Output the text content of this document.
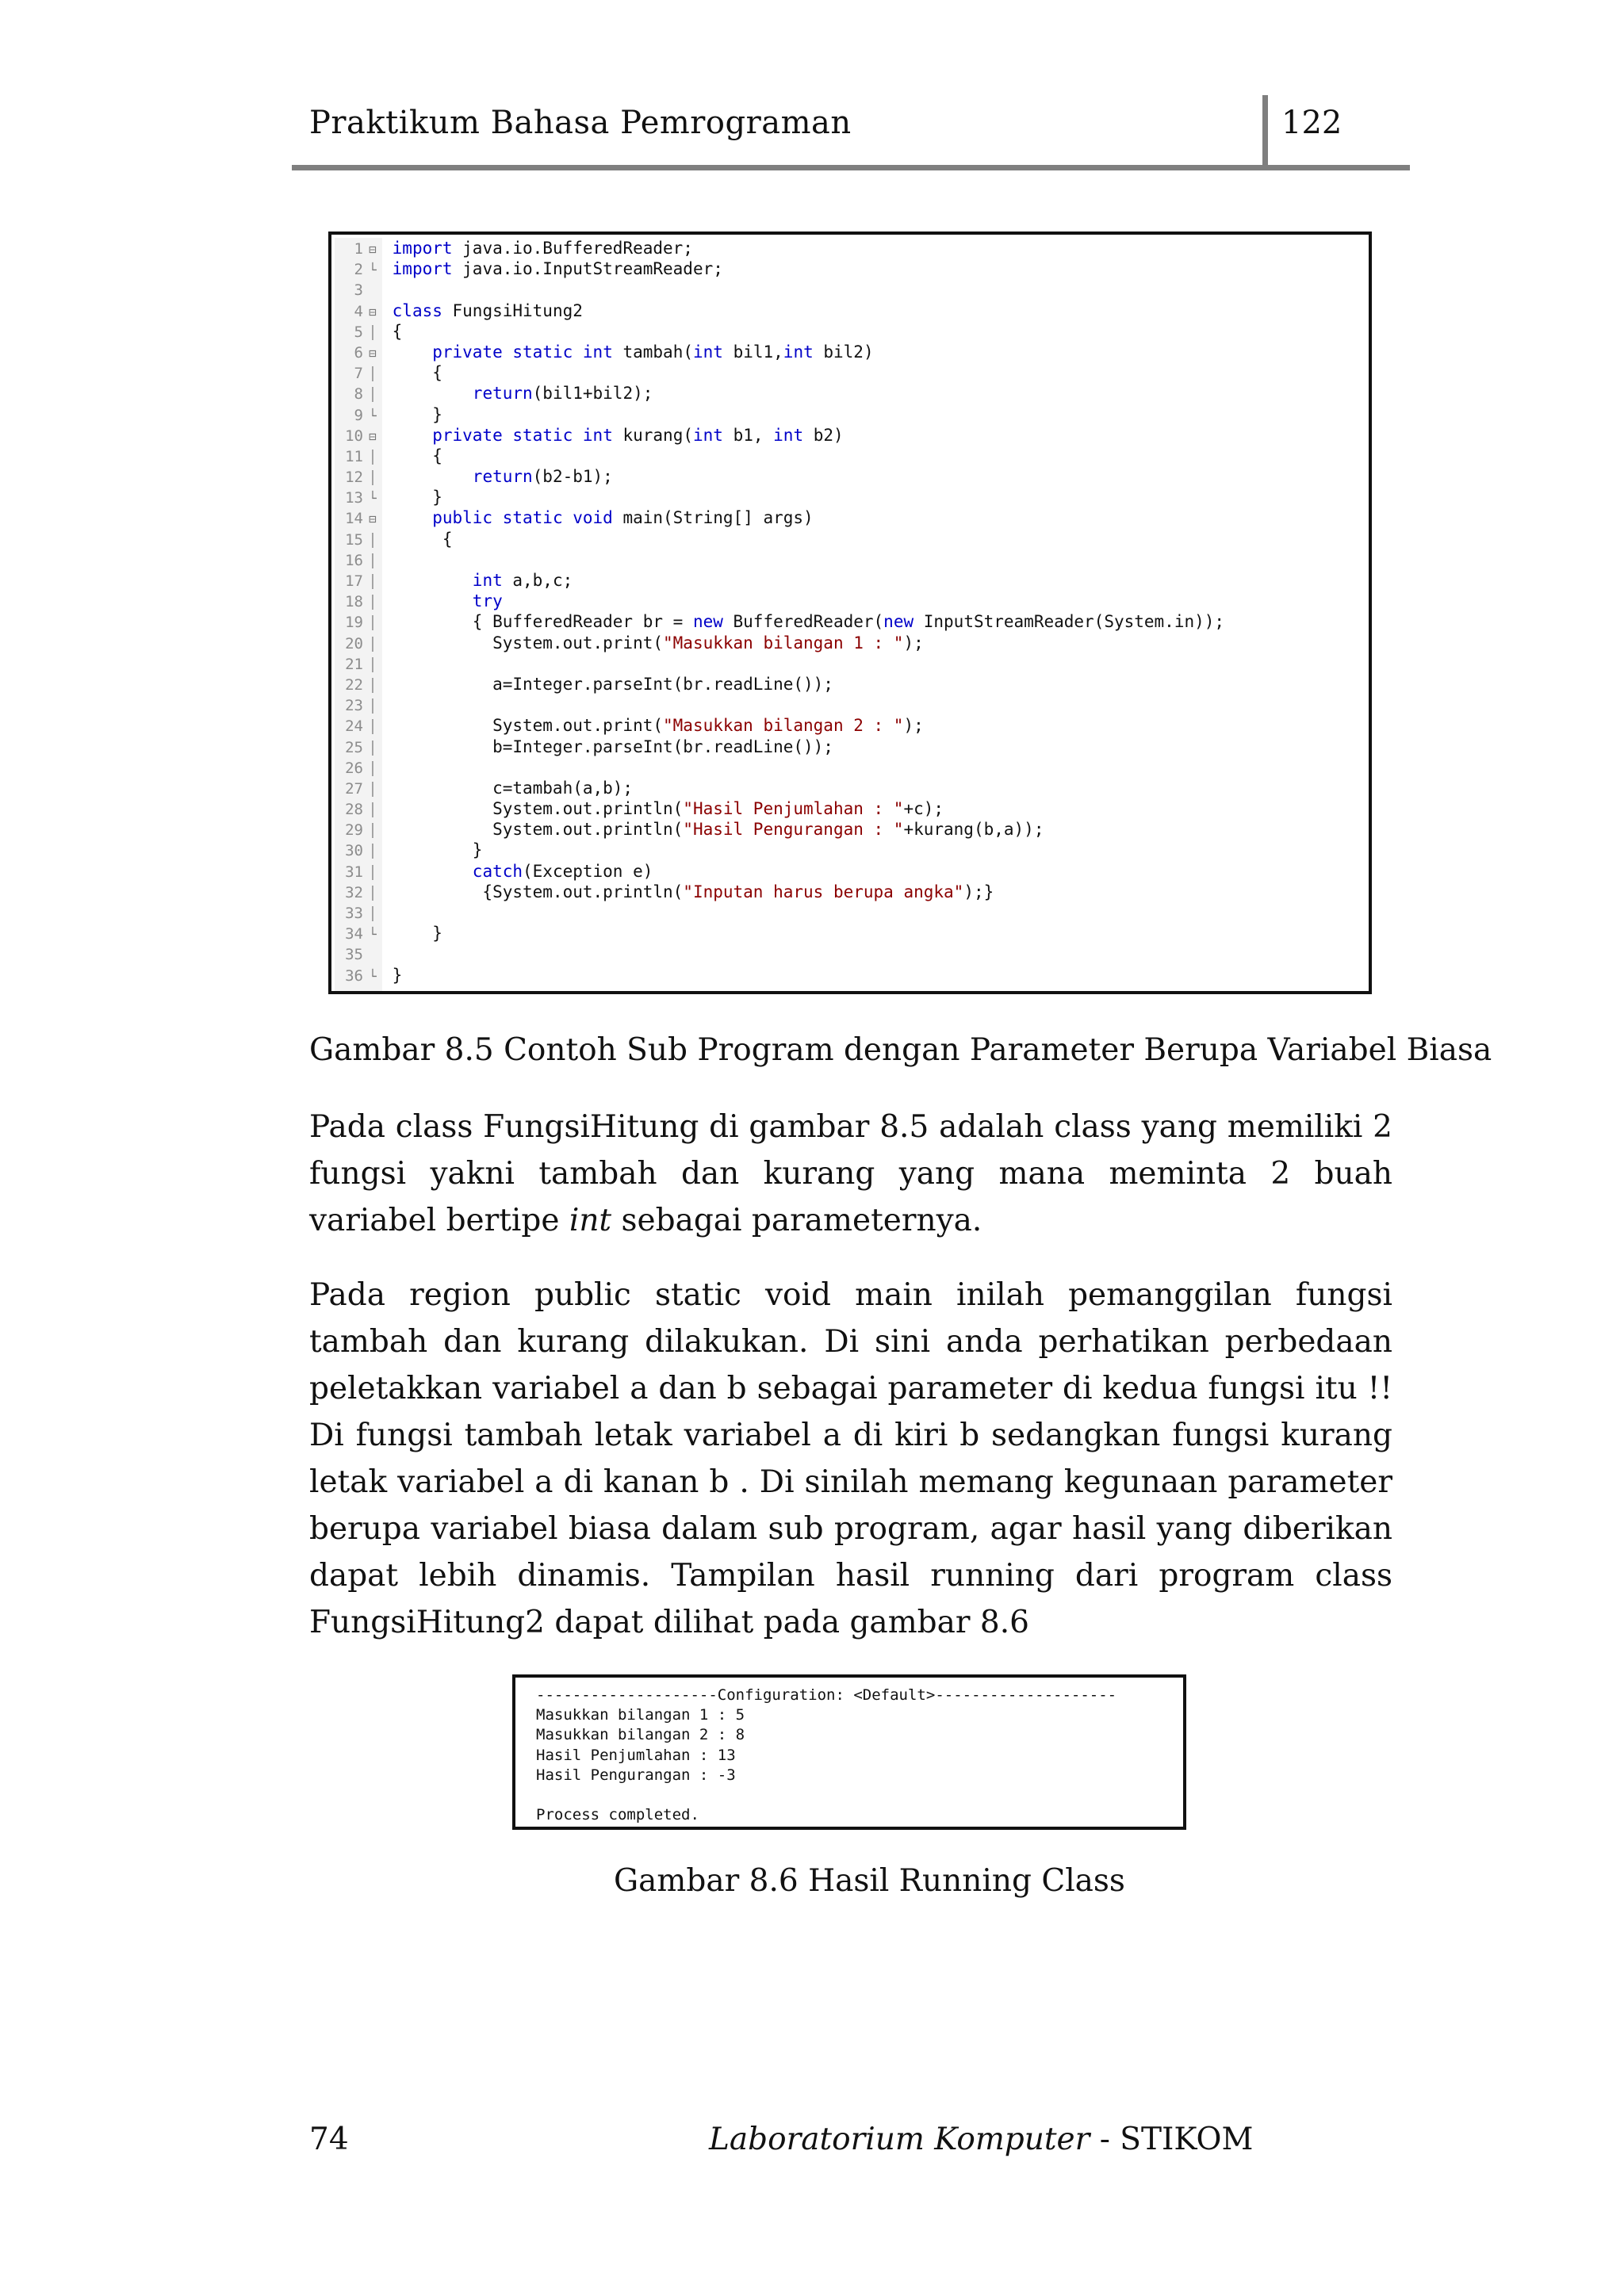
Praktikum Bahasa Pemrograman	122
1 ⊟ import java.io.BufferedReader;
2 └ import java.io.InputStreamReader;
3
4 ⊟ class FungsiHitung2
5 │ {
6 ⊟	private static int tambah(int bil1,int bil2)
7 │     {
8 │	return(bil1+bil2);
9 └     }
10 ⊟	private static int kurang(int b1, int b2)
11 │     {
12 │	return(b2-b1);
13 └     }
14 ⊟	public static void main(String[] args)
15 │      {
16 │
17 │	int a,b,c;
18 │	try
19 │         { BufferedReader br = new BufferedReader(new InputStreamReader(System.in));
20 │           System.out.print("Masukkan bilangan 1 : ");
21 │
22 │           a=Integer.parseInt(br.readLine());
23 │
24 │           System.out.print("Masukkan bilangan 2 : ");
25 │           b=Integer.parseInt(br.readLine());
26 │
27 │           c=tambah(a,b);
28 │           System.out.println("Hasil Penjumlahan : "+c);
29 │           System.out.println("Hasil Pengurangan : "+kurang(b,a));
30 │         }
31 │	catch(Exception e)
32 │          {System.out.println("Inputan harus berupa angka");}
33 │
34 └     }
35
36 └ }
Gambar 8.5 Contoh Sub Program dengan Parameter Berupa Variabel Biasa
Pada class FungsiHitung di gambar 8.5 adalah class yang memiliki 2 fungsi yakni tambah dan kurang yang mana meminta 2 buah variabel bertipe int sebagai parameternya.
Pada region public static void main inilah pemanggilan fungsi tambah dan kurang dilakukan. Di sini anda perhatikan perbedaan peletakkan variabel a dan b sebagai parameter di kedua fungsi itu !! Di fungsi tambah letak variabel a di kiri b sedangkan fungsi kurang letak variabel a di kanan b . Di sinilah memang kegunaan parameter berupa variabel biasa dalam sub program, agar hasil yang diberikan dapat lebih dinamis. Tampilan hasil running dari program class FungsiHitung2 dapat dilihat pada gambar 8.6
--------------------Configuration: <Default>--------------------
Masukkan bilangan 1 : 5
Masukkan bilangan 2 : 8
Hasil Penjumlahan : 13
Hasil Pengurangan : -3
Process completed.
Gambar 8.6 Hasil Running Class
74	Laboratorium Komputer - STIKOM
